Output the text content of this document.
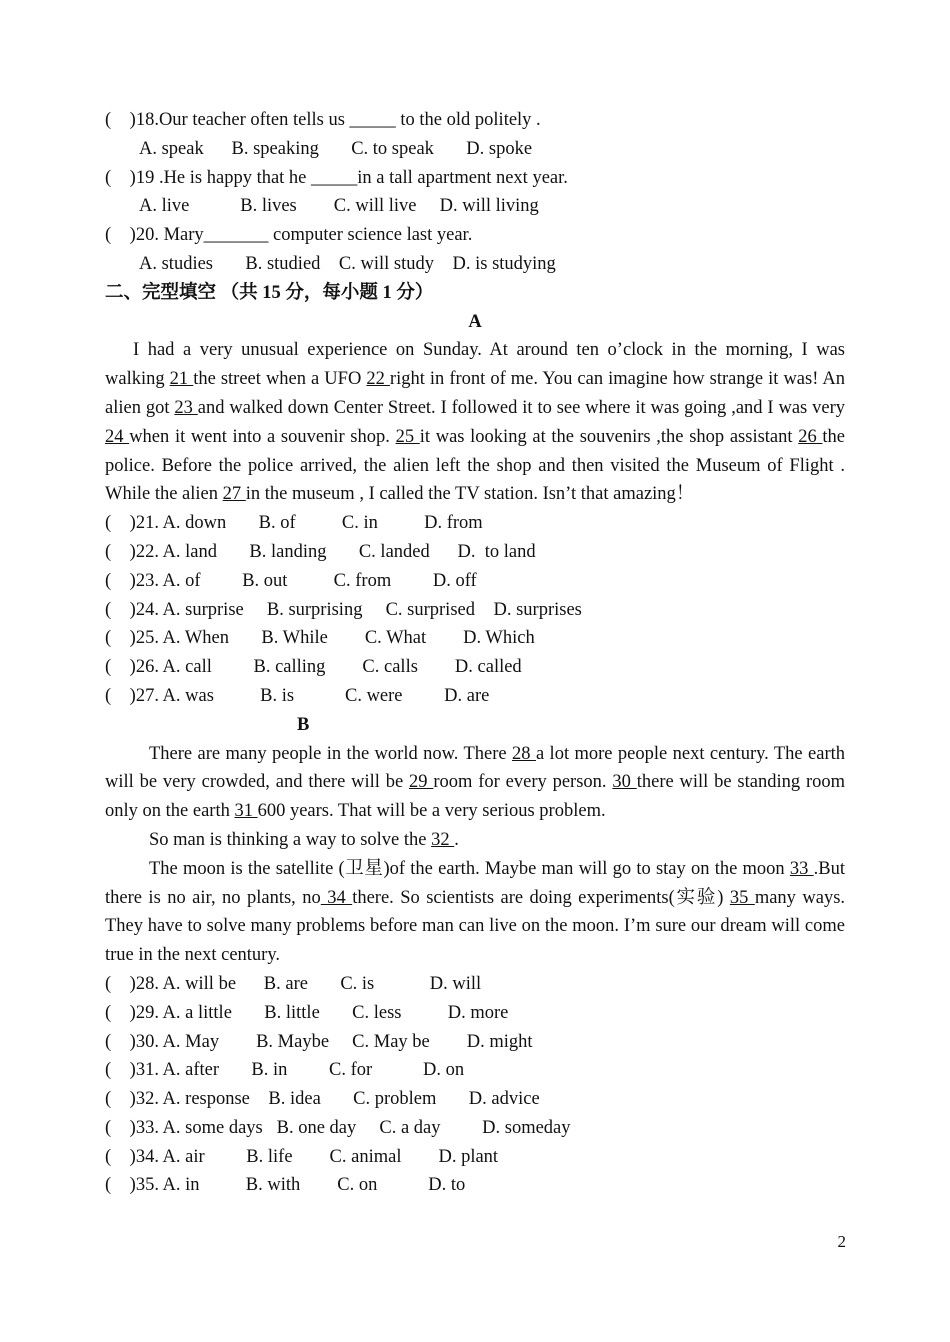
(    )18.Our teacher often tells us _____ to the old politely .
A. speak      B. speaking       C. to speak       D. spoke
(    )19 .He is happy that he _____in a tall apartment next year.
A. live           B. lives        C. will live     D. will living
(    )20. Mary_______ computer science last year.
A. studies       B. studied    C. will study    D. is studying
二、完型填空 （共 15 分，每小题 1 分）
A
I had a very unusual experience on Sunday. At around ten o’clock in the morning, I was walking 21 the street when a UFO 22 right in front of me. You can imagine how strange it was! An alien got 23 and walked down Center Street. I followed it to see where it was going ,and I was very 24 when it went into a souvenir shop. 25 it was looking at the souvenirs ,the shop assistant 26 the police. Before the police arrived, the alien left the shop and then visited the Museum of Flight . While the alien 27 in the museum , I called the TV station. Isn’t that amazing！
(    )21. A. down       B. of          C. in          D. from
(    )22. A. land       B. landing       C. landed      D.  to land
(    )23. A. of         B. out          C. from         D. off
(    )24. A. surprise     B. surprising     C. surprised    D. surprises
(    )25. A. When       B. While        C. What        D. Which
(    )26. A. call         B. calling        C. calls        D. called
(    )27. A. was          B. is           C. were         D. are
B
There are many people in the world now. There 28 a lot more people next century. The earth will be very crowded, and there will be 29 room for every person. 30 there will be standing room only on the earth 31 600 years. That will be a very serious problem.
So man is thinking a way to solve the 32 .
The moon is the satellite (卫星)of the earth. Maybe man will go to stay on the moon 33 .But there is no air, no plants, no 34 there. So scientists are doing experiments(实验) 35 many ways. They have to solve many problems before man can live on the moon. I’m sure our dream will come true in the next century.
(    )28. A. will be      B. are       C. is            D. will
(    )29. A. a little       B. little       C. less          D. more
(    )30. A. May        B. Maybe     C. May be        D. might
(    )31. A. after       B. in         C. for           D. on
(    )32. A. response    B. idea       C. problem       D. advice
(    )33. A. some days   B. one day     C. a day         D. someday
(    )34. A. air         B. life        C. animal        D. plant
(    )35. A. in          B. with        C. on           D. to
2
